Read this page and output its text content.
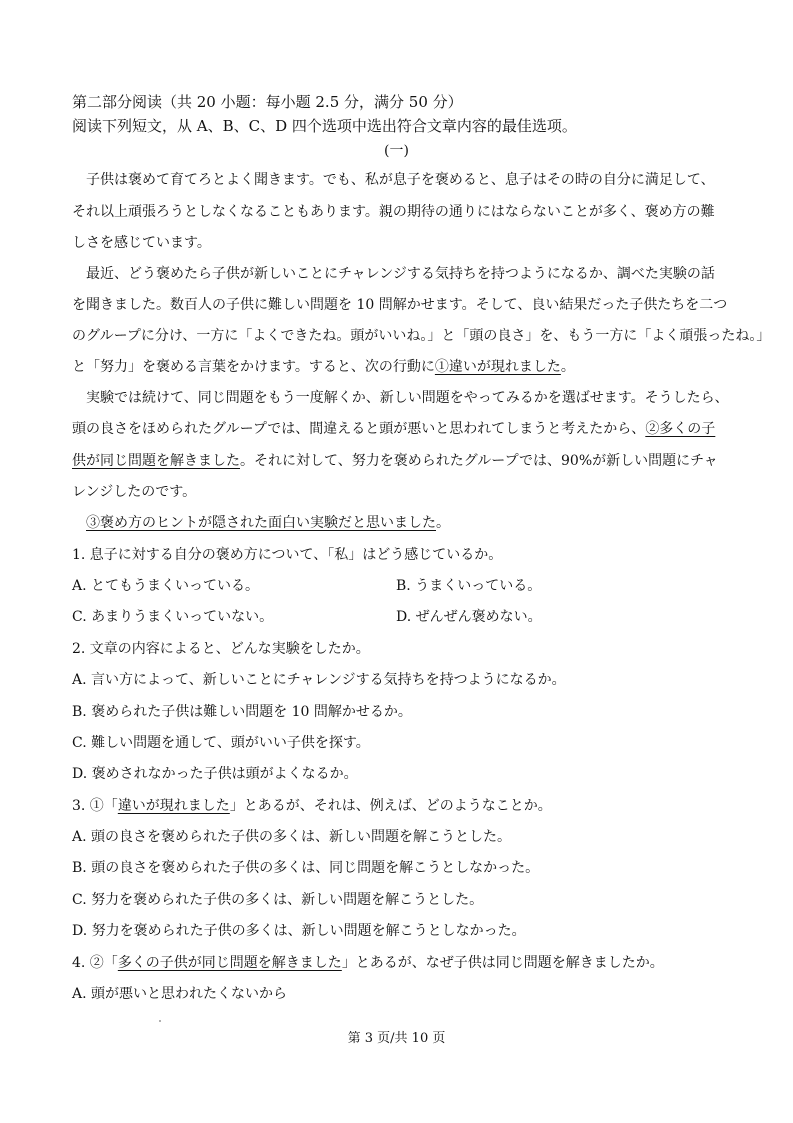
第二部分阅读（共 20 小题：每小题 2.5 分，满分 50 分）
阅读下列短文，从 A、B、C、D 四个选项中选出符合文章内容的最佳选项。
(一)
子供は褒めて育てろとよく聞きます。でも、私が息子を褒めると、息子はその時の自分に満足して、
それ以上頑張ろうとしなくなることもあります。親の期待の通りにはならないことが多く、褒め方の難
しさを感じています。
最近、どう褒めたら子供が新しいことにチャレンジする気持ちを持つようになるか、調べた実験の話
を聞きました。数百人の子供に難しい問題を 10 問解かせます。そして、良い結果だった子供たちを二つ
のグループに分け、一方に「よくできたね。頭がいいね。」と「頭の良さ」を、もう一方に「よく頑張ったね。」
と「努力」を褒める言葉をかけます。すると、次の行動に①違いが現れました。
実験では続けて、同じ問題をもう一度解くか、新しい問題をやってみるかを選ばせます。そうしたら、
頭の良さをほめられたグループでは、間違えると頭が悪いと思われてしまうと考えたから、②多くの子
供が同じ問題を解きました。それに対して、努力を褒められたグループでは、90%が新しい問題にチャ
レンジしたのです。
③褒め方のヒントが隠された面白い実験だと思いました。
1. 息子に対する自分の褒め方について、「私」はどう感じているか。
A. とてもうまくいっている。	B. うまくいっている。
C. あまりうまくいっていない。	D. ぜんぜん褒めない。
2. 文章の内容によると、どんな実験をしたか。
A. 言い方によって、新しいことにチャレンジする気持ちを持つようになるか。
B. 褒められた子供は難しい問題を 10 問解かせるか。
C. 難しい問題を通して、頭がいい子供を探す。
D. 褒めされなかった子供は頭がよくなるか。
3. ①「違いが現れました」とあるが、それは、例えば、どのようなことか。
A. 頭の良さを褒められた子供の多くは、新しい問題を解こうとした。
B. 頭の良さを褒められた子供の多くは、同じ問題を解こうとしなかった。
C. 努力を褒められた子供の多くは、新しい問題を解こうとした。
D. 努力を褒められた子供の多くは、新しい問題を解こうとしなかった。
4. ②「多くの子供が同じ問題を解きました」とあるが、なぜ子供は同じ問題を解きましたか。
A. 頭が悪いと思われたくないから
第 3 页/共 10 页
